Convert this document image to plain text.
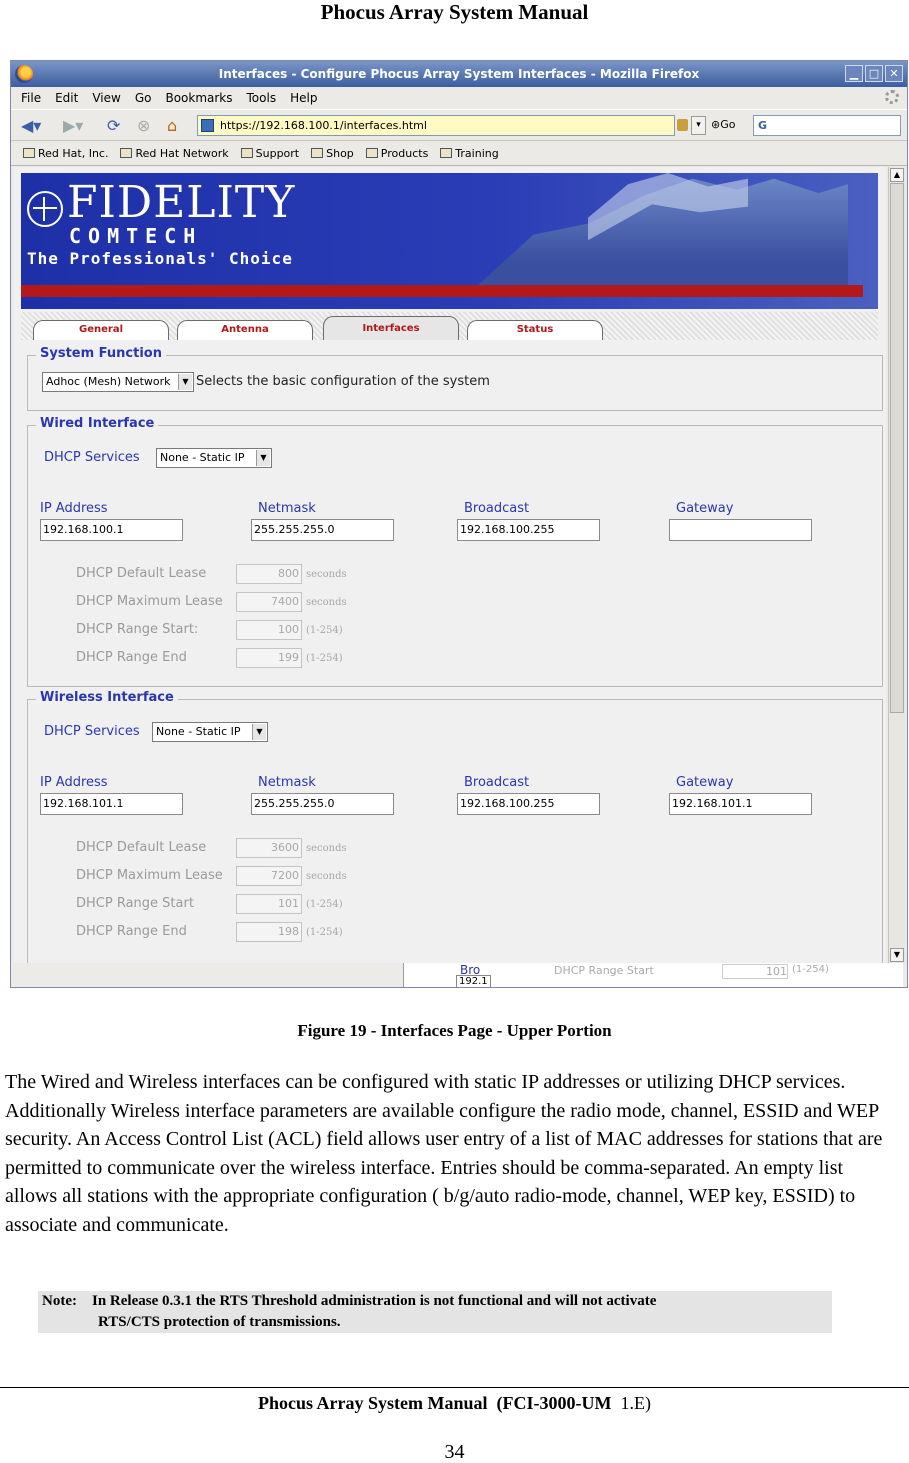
Phocus Array System Manual
Interfaces - Configure Phocus Array System Interfaces - Mozilla Firefox	▁ □ ✕
File Edit View Go Bookmarks Tools Help
◀▾ ▶▾ ⟳ ⊗ ⌂	https://192.168.100.1/interfaces.html	▾ ⊛Go	G
Red Hat, Inc. Red Hat Network Support Shop Products Training
FIDELITY
COMTECH
The Professionals' Choice
General	Antenna	Interfaces	Status
System Function
Adhoc (Mesh) Network	▼ Selects the basic configuration of the system
Wired Interface
DHCP Services	None - Static IP	▼
IP Address	Netmask	Broadcast	Gateway
192.168.100.1	255.255.255.0	192.168.100.255
DHCP Default Lease	800 seconds
DHCP Maximum Lease	7400 seconds
DHCP Range Start:	100 (1-254)
DHCP Range End	199 (1-254)
Wireless Interface
DHCP Services	None - Static IP	▼
IP Address	Netmask	Broadcast	Gateway
192.168.101.1	255.255.255.0	192.168.100.255	192.168.101.1
DHCP Default Lease	3600 seconds
DHCP Maximum Lease	7200 seconds
DHCP Range Start	101 (1-254)
DHCP Range End	198 (1-254)
▲
▼
Bro
192.1
DHCP Range Start	101 (1-254)
Figure 19 - Interfaces Page - Upper Portion
The Wired and Wireless interfaces can be configured with static IP addresses or utilizing DHCP services. Additionally Wireless interface parameters are available configure the radio mode, channel, ESSID and WEP security. An Access Control List (ACL) field allows user entry of a list of MAC addresses for stations that are permitted to communicate over the wireless interface. Entries should be comma-separated. An empty list allows all stations with the appropriate configuration ( b/g/auto radio-mode, channel, WEP key, ESSID) to associate and communicate.
Note: In Release 0.3.1 the RTS Threshold administration is not functional and will not activate
RTS/CTS protection of transmissions.
Phocus Array System Manual (FCI-3000-UM 1.E)
34
